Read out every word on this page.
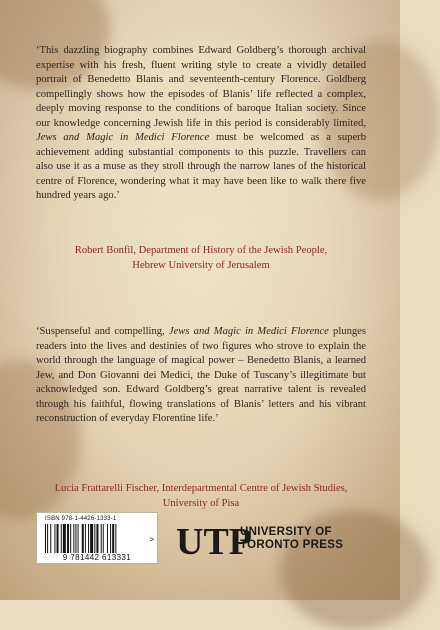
‘This dazzling biography combines Edward Goldberg’s thorough archival expertise with his fresh, fluent writing style to create a vividly detailed portrait of Benedetto Blanis and seventeenth-century Florence. Goldberg compellingly shows how the episodes of Blanis’ life reflected a complex, deeply moving response to the conditions of baroque Italian society. Since our knowledge concerning Jewish life in this period is considerably limited, Jews and Magic in Medici Florence must be welcomed as a superb achievement adding substantial components to this puzzle. Travellers can also use it as a muse as they stroll through the narrow lanes of the historical centre of Florence, wondering what it may have been like to walk there five hundred years ago.’

Robert Bonfil, Department of History of the Jewish People,
Hebrew University of Jerusalem

‘Suspenseful and compelling, Jews and Magic in Medici Florence plunges readers into the lives and destinies of two figures who strove to explain the world through the language of magical power – Benedetto Blanis, a learned Jew, and Don Giovanni dei Medici, the Duke of Tuscany’s illegitimate but acknowledged son. Edward Goldberg’s great narrative talent is revealed through his faithful, flowing translations of Blanis’ letters and his vibrant reconstruction of everyday Florentine life.’

Lucia Frattarelli Fischer, Interdepartmental Centre of Jewish Studies,
University of Pisa
ISBN 978-1-4426-1333-1
9 781442 613331
> UTP
UNIVERSITY OF
TORONTO PRESS
